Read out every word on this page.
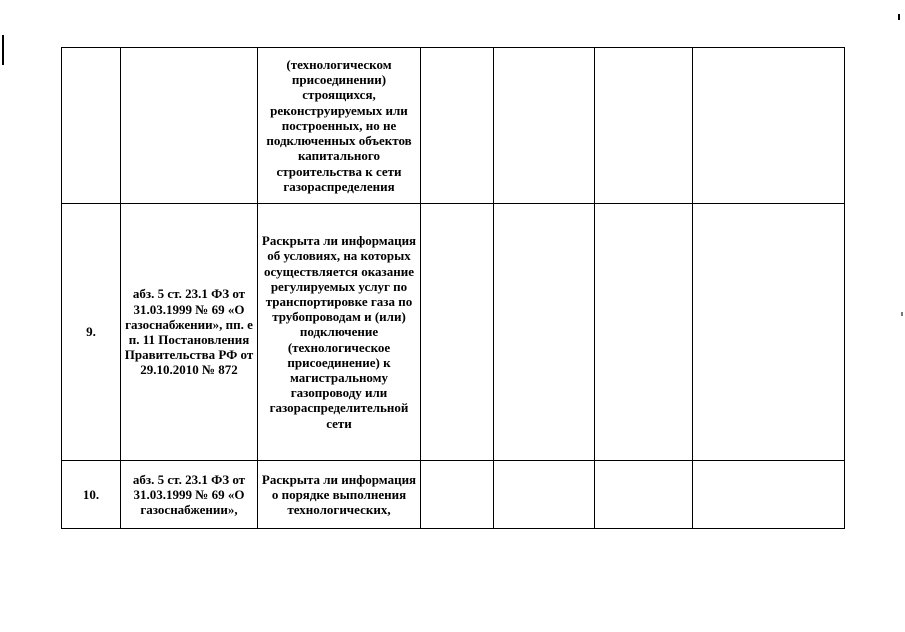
		(технологическом присоединении) строящихся, реконструируемых или построенных, но не подключенных объектов капитального строительства к сети газораспределения				
9.	абз. 5 ст. 23.1 ФЗ от 31.03.1999 № 69 «О газоснабжении», пп. е п. 11 Постановления Правительства РФ от 29.10.2010 № 872	Раскрыта ли информация об условиях, на которых осуществляется оказание регулируемых услуг по транспортировке газа по трубопроводам и (или) подключение (технологическое присоединение) к магистральному газопроводу или газораспределительной сети				
10.	абз. 5 ст. 23.1 ФЗ от 31.03.1999 № 69 «О газоснабжении»,	Раскрыта ли информация о порядке выполнения технологических,				
